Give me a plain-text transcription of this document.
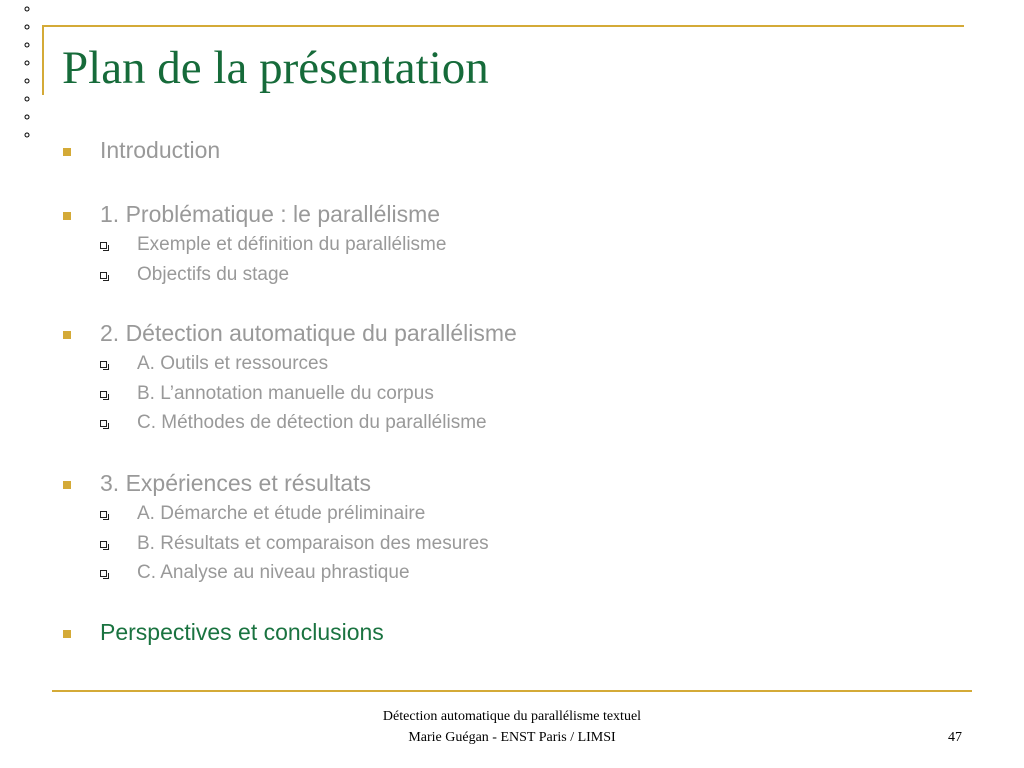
Plan de la présentation
Introduction
1. Problématique : le parallélisme
Exemple et définition du parallélisme
Objectifs du stage
2. Détection automatique du parallélisme
A. Outils et ressources
B. L’annotation manuelle du corpus
C. Méthodes de détection du parallélisme
3. Expériences et résultats
A. Démarche et étude préliminaire
B. Résultats et comparaison des mesures
C. Analyse au niveau phrastique
Perspectives et conclusions
Détection automatique du parallélisme textuel
Marie Guégan - ENST Paris / LIMSI	47
